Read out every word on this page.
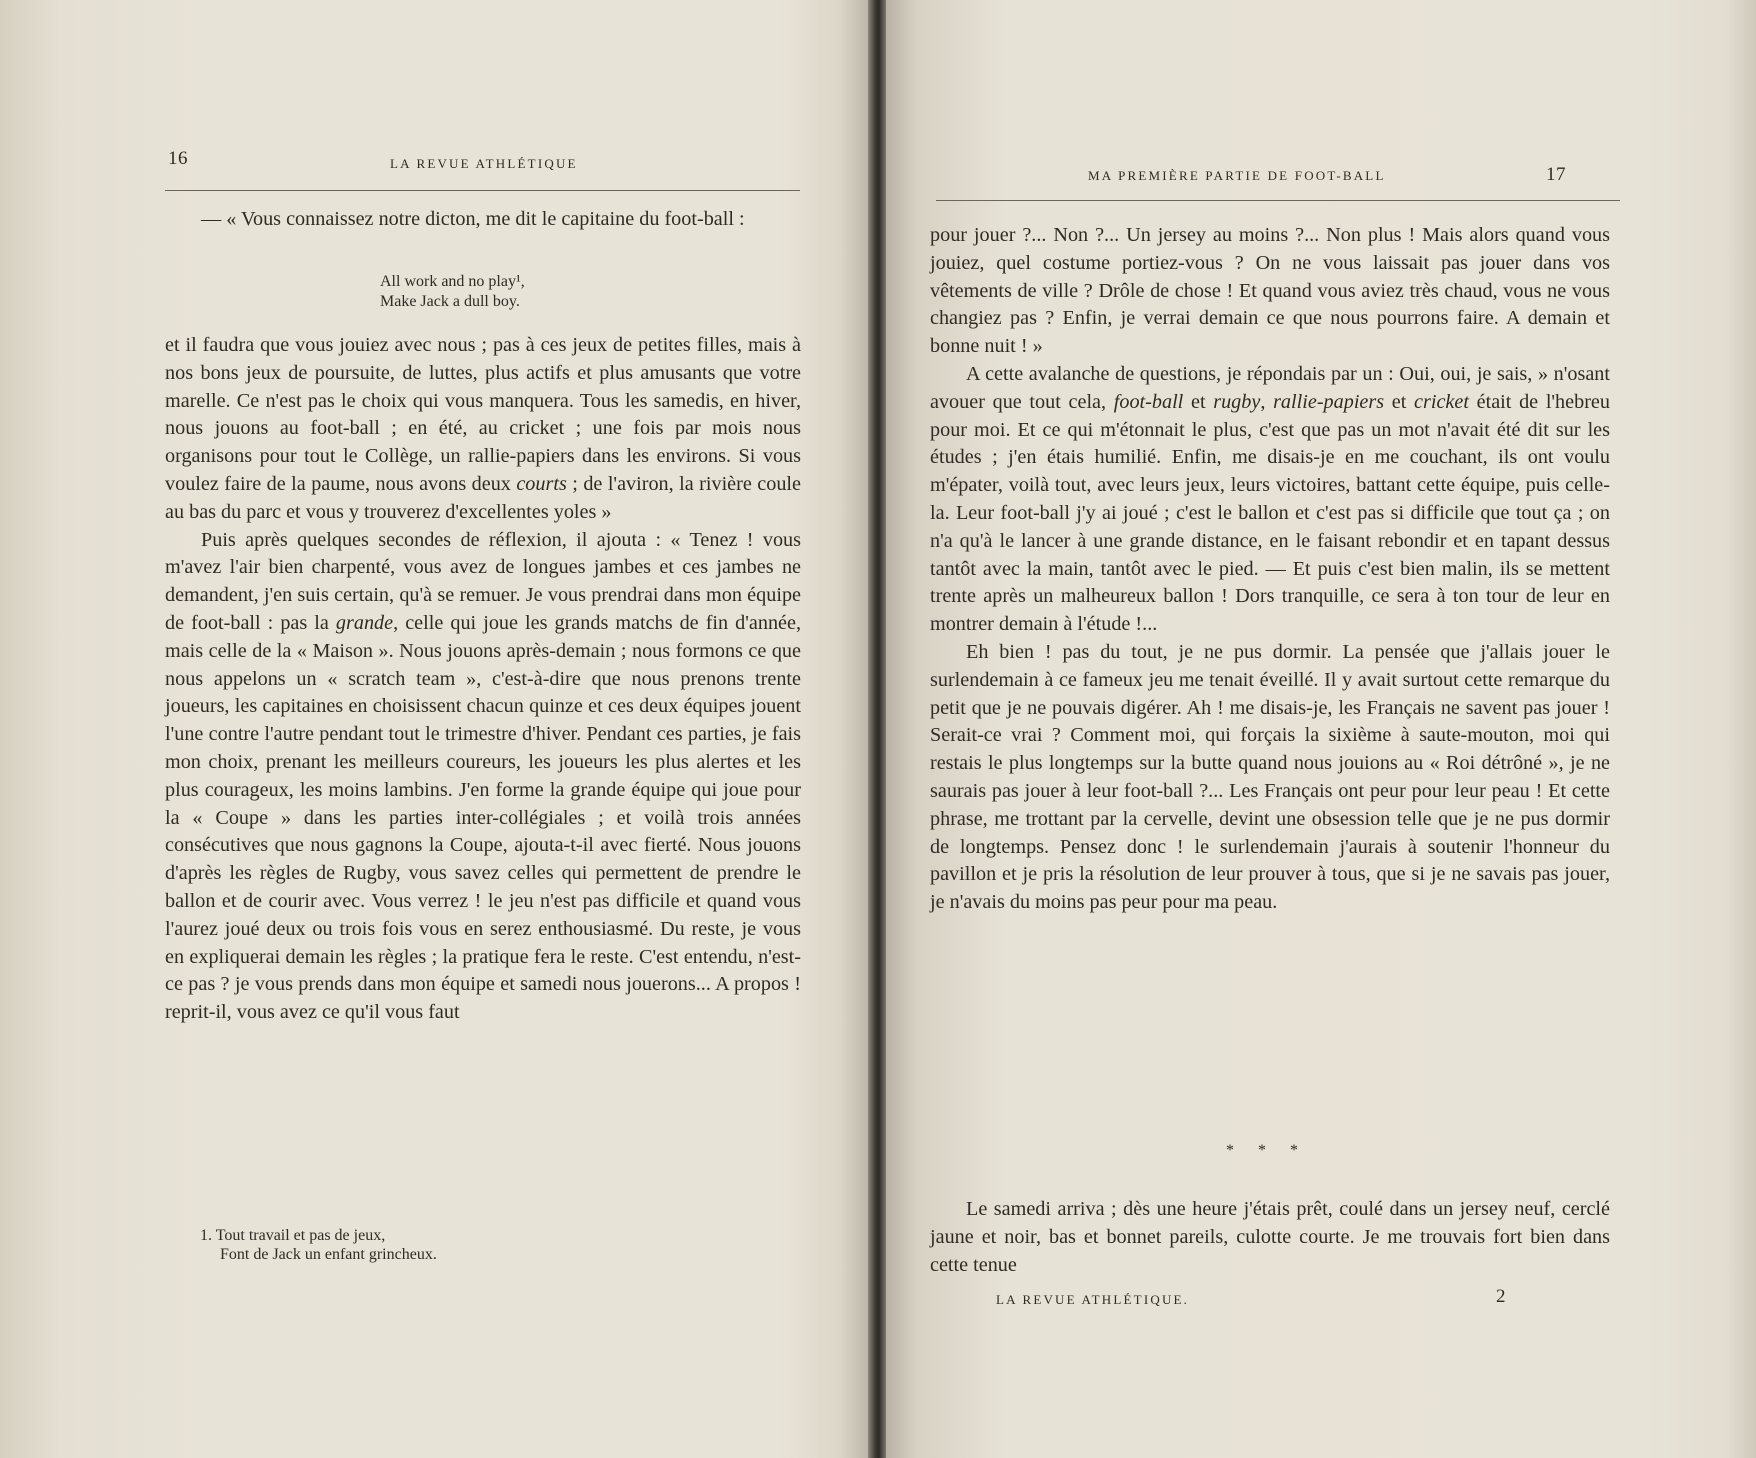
16	LA REVUE ATHLÉTIQUE

— « Vous connaissez notre dicton, me dit le capitaine du foot-ball :

All work and no play¹,
Make Jack a dull boy.

et il faudra que vous jouiez avec nous ; pas à ces jeux de petites filles, mais à nos bons jeux de poursuite, de luttes, plus actifs et plus amusants que votre marelle. Ce n'est pas le choix qui vous manquera. Tous les samedis, en hiver, nous jouons au foot-ball ; en été, au cricket ; une fois par mois nous organisons pour tout le Collège, un rallie-papiers dans les environs. Si vous voulez faire de la paume, nous avons deux courts ; de l'aviron, la rivière coule au bas du parc et vous y trouverez d'excellentes yoles »

Puis après quelques secondes de réflexion, il ajouta : « Tenez ! vous m'avez l'air bien charpenté, vous avez de longues jambes et ces jambes ne demandent, j'en suis certain, qu'à se remuer. Je vous prendrai dans mon équipe de foot-ball : pas la grande, celle qui joue les grands matchs de fin d'année, mais celle de la « Maison ». Nous jouons après-demain ; nous formons ce que nous appelons un « scratch team », c'est-à-dire que nous prenons trente joueurs, les capitaines en choisissent chacun quinze et ces deux équipes jouent l'une contre l'autre pendant tout le trimestre d'hiver. Pendant ces parties, je fais mon choix, prenant les meilleurs coureurs, les joueurs les plus alertes et les plus courageux, les moins lambins. J'en forme la grande équipe qui joue pour la « Coupe » dans les parties inter-collégiales ; et voilà trois années consécutives que nous gagnons la Coupe, ajouta-t-il avec fierté. Nous jouons d'après les règles de Rugby, vous savez celles qui permettent de prendre le ballon et de courir avec. Vous verrez ! le jeu n'est pas difficile et quand vous l'aurez joué deux ou trois fois vous en serez enthousiasmé. Du reste, je vous en expliquerai demain les règles ; la pratique fera le reste. C'est entendu, n'est-ce pas ? je vous prends dans mon équipe et samedi nous jouerons... A propos ! reprit-il, vous avez ce qu'il vous faut

1. Tout travail et pas de jeux,
Font de Jack un enfant grincheux.
MA PREMIÈRE PARTIE DE FOOT-BALL	17

pour jouer ?... Non ?... Un jersey au moins ?... Non plus ! Mais alors quand vous jouiez, quel costume portiez-vous ? On ne vous laissait pas jouer dans vos vêtements de ville ? Drôle de chose ! Et quand vous aviez très chaud, vous ne vous changiez pas ? Enfin, je verrai demain ce que nous pourrons faire. A demain et bonne nuit ! »

A cette avalanche de questions, je répondais par un : Oui, oui, je sais, » n'osant avouer que tout cela, foot-ball et rugby, rallie-papiers et cricket était de l'hebreu pour moi. Et ce qui m'étonnait le plus, c'est que pas un mot n'avait été dit sur les études ; j'en étais humilié. Enfin, me disais-je en me couchant, ils ont voulu m'épater, voilà tout, avec leurs jeux, leurs victoires, battant cette équipe, puis celle-la. Leur foot-ball j'y ai joué ; c'est le ballon et c'est pas si difficile que tout ça ; on n'a qu'à le lancer à une grande distance, en le faisant rebondir et en tapant dessus tantôt avec la main, tantôt avec le pied. — Et puis c'est bien malin, ils se mettent trente après un malheureux ballon ! Dors tranquille, ce sera à ton tour de leur en montrer demain à l'étude !...

Eh bien ! pas du tout, je ne pus dormir. La pensée que j'allais jouer le surlendemain à ce fameux jeu me tenait éveillé. Il y avait surtout cette remarque du petit que je ne pouvais digérer. Ah ! me disais-je, les Français ne savent pas jouer ! Serait-ce vrai ? Comment moi, qui forçais la sixième à saute-mouton, moi qui restais le plus longtemps sur la butte quand nous jouions au « Roi détrôné », je ne saurais pas jouer à leur foot-ball ?... Les Français ont peur pour leur peau ! Et cette phrase, me trottant par la cervelle, devint une obsession telle que je ne pus dormir de longtemps. Pensez donc ! le surlendemain j'aurais à soutenir l'honneur du pavillon et je pris la résolution de leur prouver à tous, que si je ne savais pas jouer, je n'avais du moins pas peur pour ma peau.

* * *

Le samedi arriva ; dès une heure j'étais prêt, coulé dans un jersey neuf, cerclé jaune et noir, bas et bonnet pareils, culotte courte. Je me trouvais fort bien dans cette tenue

LA REVUE ATHLÉTIQUE.	2
